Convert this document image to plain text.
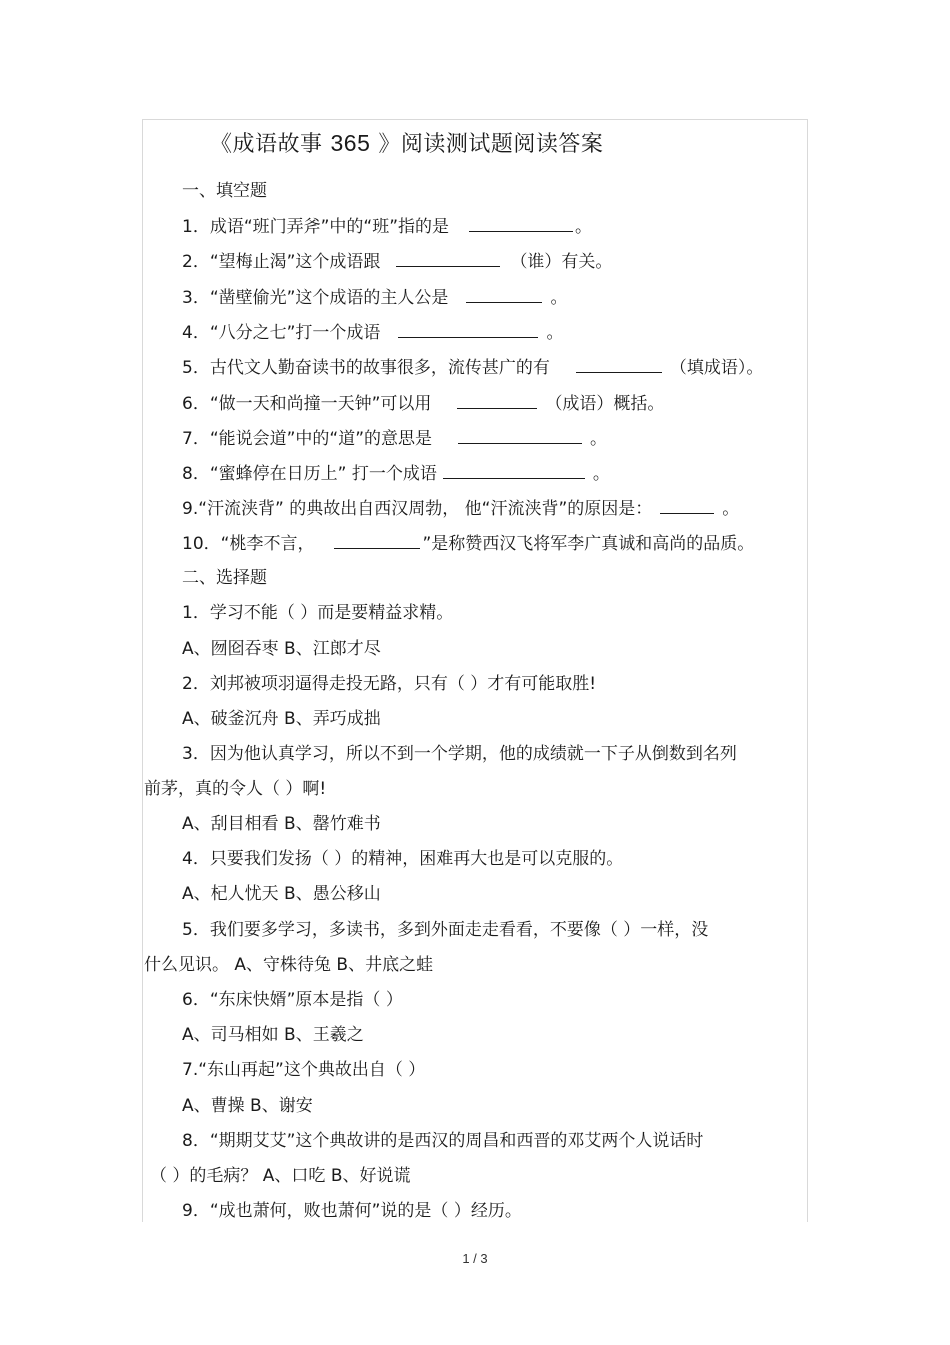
《成语故事 365 》阅读测试题阅读答案
一、填空题
1．成语“班门弄斧”中的“班”指的是	。
2．“望梅止渴”这个成语跟	（谁）有关。
3．“凿壁偷光”这个成语的主人公是	。
4．“八分之七”打一个成语	。
5．古代文人勤奋读书的故事很多，流传甚广的有	（填成语）。
6．“做一天和尚撞一天钟”可以用	（成语）概括。
7．“能说会道”中的“道”的意思是	。
8．“蜜蜂停在日历上” 打一个成语	。
9.“汗流浃背” 的典故出自西汉周勃， 他“汗流浃背”的原因是：	。
10．“桃李不言，	”是称赞西汉飞将军李广真诚和高尚的品质。
二、选择题
1．学习不能（ ）而是要精益求精。
A、囫囵吞枣 B、江郎才尽
2．刘邦被项羽逼得走投无路，只有（ ）才有可能取胜!
A、破釜沉舟 B、弄巧成拙
3．因为他认真学习，所以不到一个学期，他的成绩就一下子从倒数到名列
前茅，真的令人（ ）啊!
A、刮目相看 B、罄竹难书
4．只要我们发扬（ ）的精神，困难再大也是可以克服的。
A、杞人忧天 B、愚公移山
5．我们要多学习，多读书，多到外面走走看看，不要像（ ）一样，没
什么见识。 A、守株待兔 B、井底之蛙
6．“东床快婿”原本是指（ ）
A、司马相如 B、王羲之
7.“东山再起”这个典故出自（ ）
A、曹操 B、谢安
8．“期期艾艾”这个典故讲的是西汉的周昌和西晋的邓艾两个人说话时
（ ）的毛病？ A、口吃 B、好说谎
9．“成也萧何，败也萧何”说的是（ ）经历。
1 / 3
